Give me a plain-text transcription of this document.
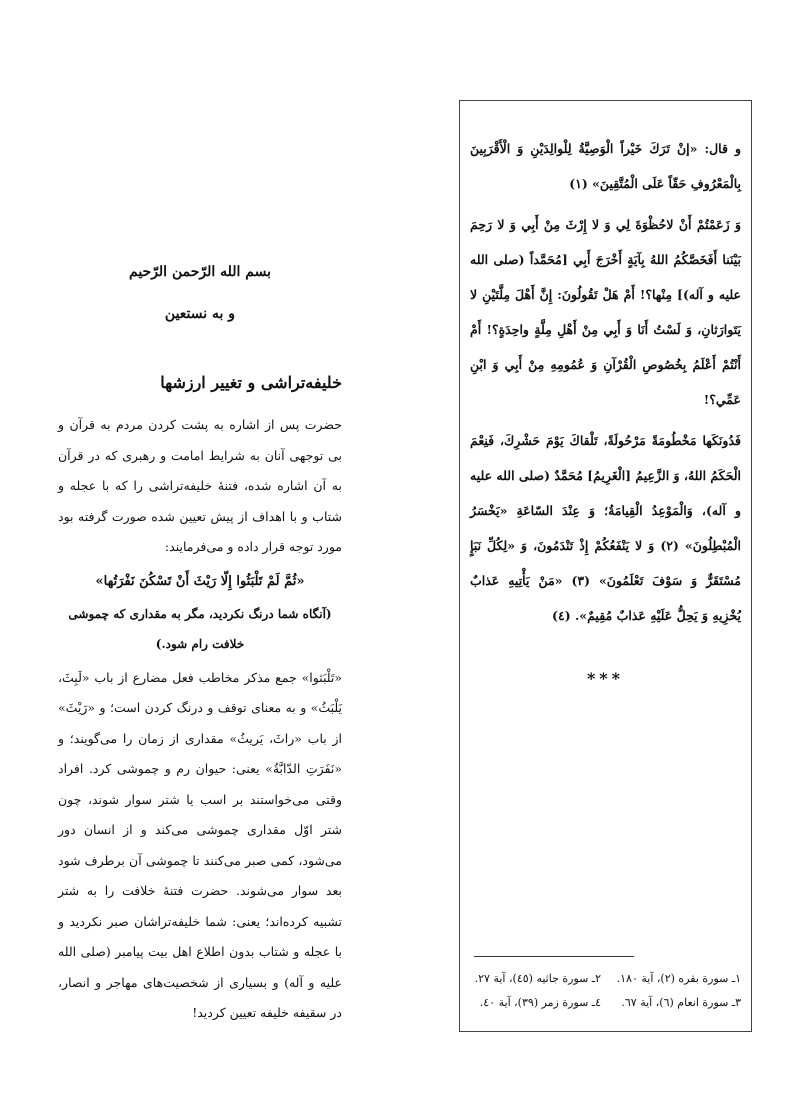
و قال: «إنْ تَرَكَ خَيْراً الْوَصِيَّةُ لِلْوالِدَيْنِ وَ الْأَقْرَبِينَ بِالْمَعْرُوفِ حَقّاً عَلَى الْمُتَّقِينَ» (١)

وَ زَعَمْتُمْ أَنْ لاحُظْوَةَ لِي وَ لا إِرْثَ مِنْ أَبِي وَ لا رَحِمَ بَيْنَنا أَفَخَصَّكُمُ اللهُ بِآيَةٍ أَخْرَجَ أَبِي [مُحَمَّداً (صلى الله عليه و آله)] مِنْها؟! أَمْ هَلْ تَقُولُونَ: إِنَّ أَهْلَ مِلَّتَيْنِ لا يَتَوارَثانِ، وَ لَسْتُ أَنَا وَ أَبِي مِنْ أَهْلِ مِلَّةٍ واحِدَةٍ؟! أَمْ أَنْتُمْ أَعْلَمُ بِخُصُوصِ الْقُرْآنِ وَ عُمُومِهِ مِنْ أَبِي وَ ابْنِ عَمِّي؟!

فَدُونَكَها مَخْطُومَةً مَرْحُولَةً، تَلْقاكَ يَوْمَ حَشْرِكَ، فَنِعْمَ الْحَكَمُ اللهُ، وَ الزَّعِيمُ [الْغَرِيمُ] مُحَمَّدٌ (صلى الله عليه و آله)، وَالْمَوْعِدُ الْقِيامَةُ؛ وَ عِنْدَ السّاعَةِ «يَخْسَرُ الْمُبْطِلُونَ» (٢) وَ لا يَنْفَعُكُمْ إِذْ تَنْدَمُونَ، وَ «لِكُلِّ نَبَإٍ مُسْتَقَرٌّ وَ سَوْفَ تَعْلَمُونَ» (٣) «مَنْ يَأْتِيهِ عَذابٌ يُخْزِيهِ وَ يَحِلُّ عَلَيْهِ عَذابٌ مُقِيمٌ». (٤)

***
١ـ سورة بقره (٢)، آية ١٨٠.
٢ـ سورة جاثيه (٤٥)، آية ٢٧.
٣ـ سورة انعام (٦)، آية ٦٧.
٤ـ سورة زمر (٣٩)، آية ٤٠.
بسم الله الرّحمن الرّحيم
و به نستعين
خليفه‌تراشی و تغيير ارزشها

حضرت پس از اشاره به پشت كردن مردم به قرآن و بی توجهی آنان به شرایط امامت و رهبری كه در قرآن به آن اشاره شده، فتنهٔ خلیفه‌تراشی را كه با عجله و شتاب و با اهداف از پیش تعیین شده صورت گرفته بود مورد توجه قرار داده و می‌فرمایند:

«ثُمَّ لَمْ تَلْبَثُوا إِلّا رَيْثَ أَنْ تَسْكُنَ نَفْرَتُها»

(آنگاه شما درنگ نكردید، مگر به مقداری كه چموشی خلافت رام شود.)

«تَلْبَثوا» جمع مذكر مخاطب فعل مضارع از باب «لَبِثَ، يَلْبَثُ» و به معنای توقف و درنگ كردن است؛ و «رَيْثَ» از باب «راثَ، يَريثُ» مقداری از زمان را می‌گویند؛ و «نَفَرَتِ الدّابَّةُ» یعنی: حیوان رم و چموشی كرد. افراد وقتی می‌خواستند بر اسب یا شتر سوار شوند، چون شتر اوّل مقداری چموشی می‌كند و از انسان دور می‌شود، كمی صبر می‌كنند تا چموشی آن برطرف شود بعد سوار می‌شوند. حضرت فتنهٔ خلافت را به شتر تشبیه كرده‌اند؛ یعنی: شما خلیفه‌تراشان صبر نكردید و با عجله و شتاب بدون اطلاع اهل بیت پیامبر (صلى الله عليه و آله) و بسیاری از شخصیت‌های مهاجر و انصار، در سقیفه خلیفه تعیین كردید!
